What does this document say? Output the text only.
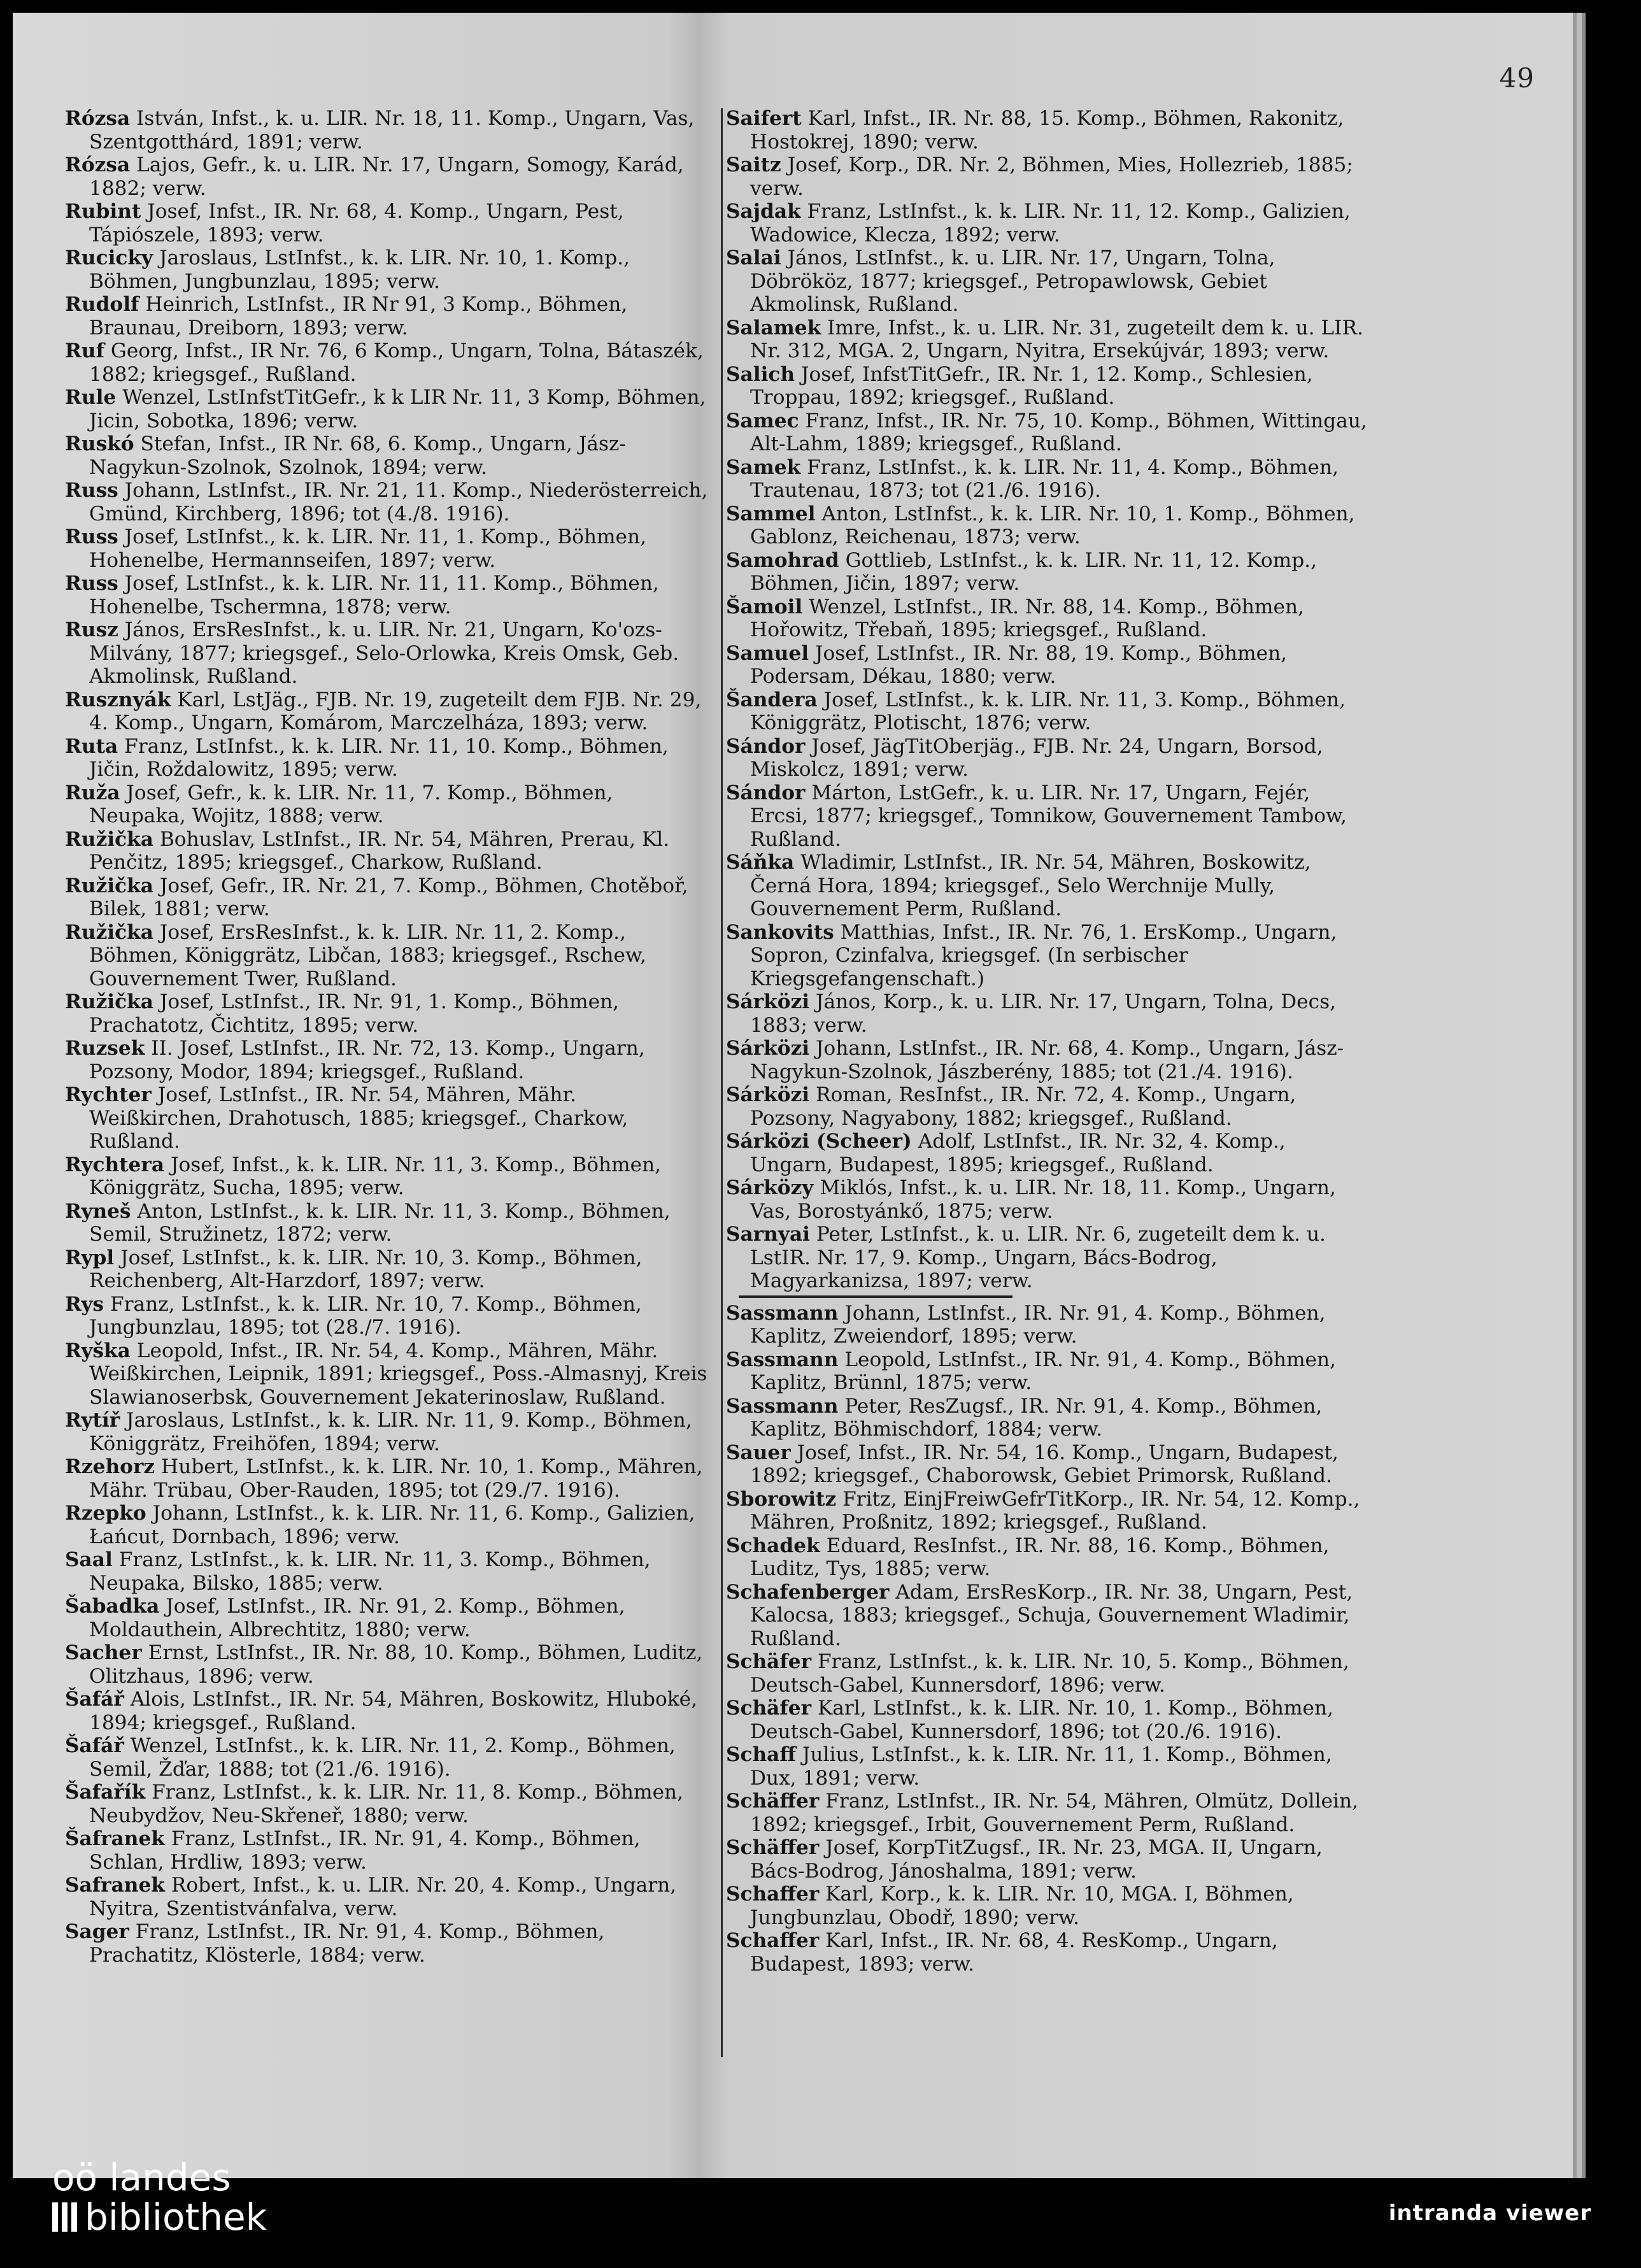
49
Rózsa István, Infst., k. u. LIR. Nr. 18, 11. Komp., Ungarn, Vas, Szentgotthárd, 1891; verw.
Rózsa Lajos, Gefr., k. u. LIR. Nr. 17, Ungarn, Somogy, Karád, 1882; verw.
Rubint Josef, Infst., IR. Nr. 68, 4. Komp., Ungarn, Pest, Tápiószele, 1893; verw.
Rucicky Jaroslaus, LstInfst., k. k. LIR. Nr. 10, 1. Komp., Böhmen, Jungbunzlau, 1895; verw.
Rudolf Heinrich, LstInfst., IR Nr 91, 3 Komp., Böhmen, Braunau, Dreiborn, 1893; verw.
Ruf Georg, Infst., IR Nr. 76, 6 Komp., Ungarn, Tolna, Bátaszék, 1882; kriegsgef., Rußland.
Rule Wenzel, LstInfstTitGefr., k k LIR Nr. 11, 3 Komp, Böhmen, Jicin, Sobotka, 1896; verw.
Ruskó Stefan, Infst., IR Nr. 68, 6. Komp., Ungarn, Jász-Nagykun-Szolnok, Szolnok, 1894; verw.
Russ Johann, LstInfst., IR. Nr. 21, 11. Komp., Niederösterreich, Gmünd, Kirchberg, 1896; tot (4./8. 1916).
Russ Josef, LstInfst., k. k. LIR. Nr. 11, 1. Komp., Böhmen, Hohenelbe, Hermannseifen, 1897; verw.
Russ Josef, LstInfst., k. k. LIR. Nr. 11, 11. Komp., Böhmen, Hohenelbe, Tschermna, 1878; verw.
Rusz János, ErsResInfst., k. u. LIR. Nr. 21, Ungarn, Ko'ozs-Milvány, 1877; kriegsgef., Selo-Orlowka, Kreis Omsk, Geb. Akmolinsk, Rußland.
Rusznyák Karl, LstJäg., FJB. Nr. 19, zugeteilt dem FJB. Nr. 29, 4. Komp., Ungarn, Komárom, Marczelháza, 1893; verw.
Ruta Franz, LstInfst., k. k. LIR. Nr. 11, 10. Komp., Böhmen, Jičin, Roždalowitz, 1895; verw.
Ruža Josef, Gefr., k. k. LIR. Nr. 11, 7. Komp., Böhmen, Neupaka, Wojitz, 1888; verw.
Ružička Bohuslav, LstInfst., IR. Nr. 54, Mähren, Prerau, Kl. Penčitz, 1895; kriegsgef., Charkow, Rußland.
Ružička Josef, Gefr., IR. Nr. 21, 7. Komp., Böhmen, Chotěboř, Bilek, 1881; verw.
Ružička Josef, ErsResInfst., k. k. LIR. Nr. 11, 2. Komp., Böhmen, Königgrätz, Libčan, 1883; kriegsgef., Rschew, Gouvernement Twer, Rußland.
Ružička Josef, LstInfst., IR. Nr. 91, 1. Komp., Böhmen, Prachatotz, Čichtitz, 1895; verw.
Ruzsek II. Josef, LstInfst., IR. Nr. 72, 13. Komp., Ungarn, Pozsony, Modor, 1894; kriegsgef., Rußland.
Rychter Josef, LstInfst., IR. Nr. 54, Mähren, Mähr. Weißkirchen, Drahotusch, 1885; kriegsgef., Charkow, Rußland.
Rychtera Josef, Infst., k. k. LIR. Nr. 11, 3. Komp., Böhmen, Königgrätz, Sucha, 1895; verw.
Ryneš Anton, LstInfst., k. k. LIR. Nr. 11, 3. Komp., Böhmen, Semil, Stružinetz, 1872; verw.
Rypl Josef, LstInfst., k. k. LIR. Nr. 10, 3. Komp., Böhmen, Reichenberg, Alt-Harzdorf, 1897; verw.
Rys Franz, LstInfst., k. k. LIR. Nr. 10, 7. Komp., Böhmen, Jungbunzlau, 1895; tot (28./7. 1916).
Ryška Leopold, Infst., IR. Nr. 54, 4. Komp., Mähren, Mähr. Weißkirchen, Leipnik, 1891; kriegsgef., Poss.-Almasnyj, Kreis Slawianoserbsk, Gouvernement Jekaterinoslaw, Rußland.
Rytíř Jaroslaus, LstInfst., k. k. LIR. Nr. 11, 9. Komp., Böhmen, Königgrätz, Freihöfen, 1894; verw.
Rzehorz Hubert, LstInfst., k. k. LIR. Nr. 10, 1. Komp., Mähren, Mähr. Trübau, Ober-Rauden, 1895; tot (29./7. 1916).
Rzepko Johann, LstInfst., k. k. LIR. Nr. 11, 6. Komp., Galizien, Łańcut, Dornbach, 1896; verw.
Saal Franz, LstInfst., k. k. LIR. Nr. 11, 3. Komp., Böhmen, Neupaka, Bilsko, 1885; verw.
Šabadka Josef, LstInfst., IR. Nr. 91, 2. Komp., Böhmen, Moldauthein, Albrechtitz, 1880; verw.
Sacher Ernst, LstInfst., IR. Nr. 88, 10. Komp., Böhmen, Luditz, Olitzhaus, 1896; verw.
Šafář Alois, LstInfst., IR. Nr. 54, Mähren, Boskowitz, Hluboké, 1894; kriegsgef., Rußland.
Šafář Wenzel, LstInfst., k. k. LIR. Nr. 11, 2. Komp., Böhmen, Semil, Žďar, 1888; tot (21./6. 1916).
Šafařík Franz, LstInfst., k. k. LIR. Nr. 11, 8. Komp., Böhmen, Neubydžov, Neu-Skřeneř, 1880; verw.
Šafranek Franz, LstInfst., IR. Nr. 91, 4. Komp., Böhmen, Schlan, Hrdliw, 1893; verw.
Safranek Robert, Infst., k. u. LIR. Nr. 20, 4. Komp., Ungarn, Nyitra, Szentistvánfalva, verw.
Sager Franz, LstInfst., IR. Nr. 91, 4. Komp., Böhmen, Prachatitz, Klösterle, 1884; verw.
Saifert Karl, Infst., IR. Nr. 88, 15. Komp., Böhmen, Rakonitz, Hostokrej, 1890; verw.
Saitz Josef, Korp., DR. Nr. 2, Böhmen, Mies, Hollezrieb, 1885; verw.
Sajdak Franz, LstInfst., k. k. LIR. Nr. 11, 12. Komp., Galizien, Wadowice, Klecza, 1892; verw.
Salai János, LstInfst., k. u. LIR. Nr. 17, Ungarn, Tolna, Döbrököz, 1877; kriegsgef., Petropawlowsk, Gebiet Akmolinsk, Rußland.
Salamek Imre, Infst., k. u. LIR. Nr. 31, zugeteilt dem k. u. LIR. Nr. 312, MGA. 2, Ungarn, Nyitra, Ersekújvár, 1893; verw.
Salich Josef, InfstTitGefr., IR. Nr. 1, 12. Komp., Schlesien, Troppau, 1892; kriegsgef., Rußland.
Samec Franz, Infst., IR. Nr. 75, 10. Komp., Böhmen, Wittingau, Alt-Lahm, 1889; kriegsgef., Rußland.
Samek Franz, LstInfst., k. k. LIR. Nr. 11, 4. Komp., Böhmen, Trautenau, 1873; tot (21./6. 1916).
Sammel Anton, LstInfst., k. k. LIR. Nr. 10, 1. Komp., Böhmen, Gablonz, Reichenau, 1873; verw.
Samohrad Gottlieb, LstInfst., k. k. LIR. Nr. 11, 12. Komp., Böhmen, Jičin, 1897; verw.
Šamoil Wenzel, LstInfst., IR. Nr. 88, 14. Komp., Böhmen, Hořowitz, Třebaň, 1895; kriegsgef., Rußland.
Samuel Josef, LstInfst., IR. Nr. 88, 19. Komp., Böhmen, Podersam, Dékau, 1880; verw.
Šandera Josef, LstInfst., k. k. LIR. Nr. 11, 3. Komp., Böhmen, Königgrätz, Plotischt, 1876; verw.
Sándor Josef, JägTitOberjäg., FJB. Nr. 24, Ungarn, Borsod, Miskolcz, 1891; verw.
Sándor Márton, LstGefr., k. u. LIR. Nr. 17, Ungarn, Fejér, Ercsi, 1877; kriegsgef., Tomnikow, Gouvernement Tambow, Rußland.
Sáňka Wladimir, LstInfst., IR. Nr. 54, Mähren, Boskowitz, Černá Hora, 1894; kriegsgef., Selo Werchnije Mully, Gouvernement Perm, Rußland.
Sankovits Matthias, Infst., IR. Nr. 76, 1. ErsKomp., Ungarn, Sopron, Czinfalva, kriegsgef. (In serbischer Kriegsgefangenschaft.)
Sárközi János, Korp., k. u. LIR. Nr. 17, Ungarn, Tolna, Decs, 1883; verw.
Sárközi Johann, LstInfst., IR. Nr. 68, 4. Komp., Ungarn, Jász-Nagykun-Szolnok, Jászberény, 1885; tot (21./4. 1916).
Sárközi Roman, ResInfst., IR. Nr. 72, 4. Komp., Ungarn, Pozsony, Nagyabony, 1882; kriegsgef., Rußland.
Sárközi (Scheer) Adolf, LstInfst., IR. Nr. 32, 4. Komp., Ungarn, Budapest, 1895; kriegsgef., Rußland.
Sárközy Miklós, Infst., k. u. LIR. Nr. 18, 11. Komp., Ungarn, Vas, Borostyánkő, 1875; verw.
Sarnyai Peter, LstInfst., k. u. LIR. Nr. 6, zugeteilt dem k. u. LstIR. Nr. 17, 9. Komp., Ungarn, Bács-Bodrog, Magyarkanizsa, 1897; verw.
Sassmann Johann, LstInfst., IR. Nr. 91, 4. Komp., Böhmen, Kaplitz, Zweiendorf, 1895; verw.
Sassmann Leopold, LstInfst., IR. Nr. 91, 4. Komp., Böhmen, Kaplitz, Brünnl, 1875; verw.
Sassmann Peter, ResZugsf., IR. Nr. 91, 4. Komp., Böhmen, Kaplitz, Böhmischdorf, 1884; verw.
Sauer Josef, Infst., IR. Nr. 54, 16. Komp., Ungarn, Budapest, 1892; kriegsgef., Chaborowsk, Gebiet Primorsk, Rußland.
Sborowitz Fritz, EinjFreiwGefrTitKorp., IR. Nr. 54, 12. Komp., Mähren, Proßnitz, 1892; kriegsgef., Rußland.
Schadek Eduard, ResInfst., IR. Nr. 88, 16. Komp., Böhmen, Luditz, Tys, 1885; verw.
Schafenberger Adam, ErsResKorp., IR. Nr. 38, Ungarn, Pest, Kalocsa, 1883; kriegsgef., Schuja, Gouvernement Wladimir, Rußland.
Schäfer Franz, LstInfst., k. k. LIR. Nr. 10, 5. Komp., Böhmen, Deutsch-Gabel, Kunnersdorf, 1896; verw.
Schäfer Karl, LstInfst., k. k. LIR. Nr. 10, 1. Komp., Böhmen, Deutsch-Gabel, Kunnersdorf, 1896; tot (20./6. 1916).
Schaff Julius, LstInfst., k. k. LIR. Nr. 11, 1. Komp., Böhmen, Dux, 1891; verw.
Schäffer Franz, LstInfst., IR. Nr. 54, Mähren, Olmütz, Dollein, 1892; kriegsgef., Irbit, Gouvernement Perm, Rußland.
Schäffer Josef, KorpTitZugsf., IR. Nr. 23, MGA. II, Ungarn, Bács-Bodrog, Jánoshalma, 1891; verw.
Schaffer Karl, Korp., k. k. LIR. Nr. 10, MGA. I, Böhmen, Jungbunzlau, Obodř, 1890; verw.
Schaffer Karl, Infst., IR. Nr. 68, 4. ResKomp., Ungarn, Budapest, 1893; verw.
oö landes
bibliothek	intranda viewer
